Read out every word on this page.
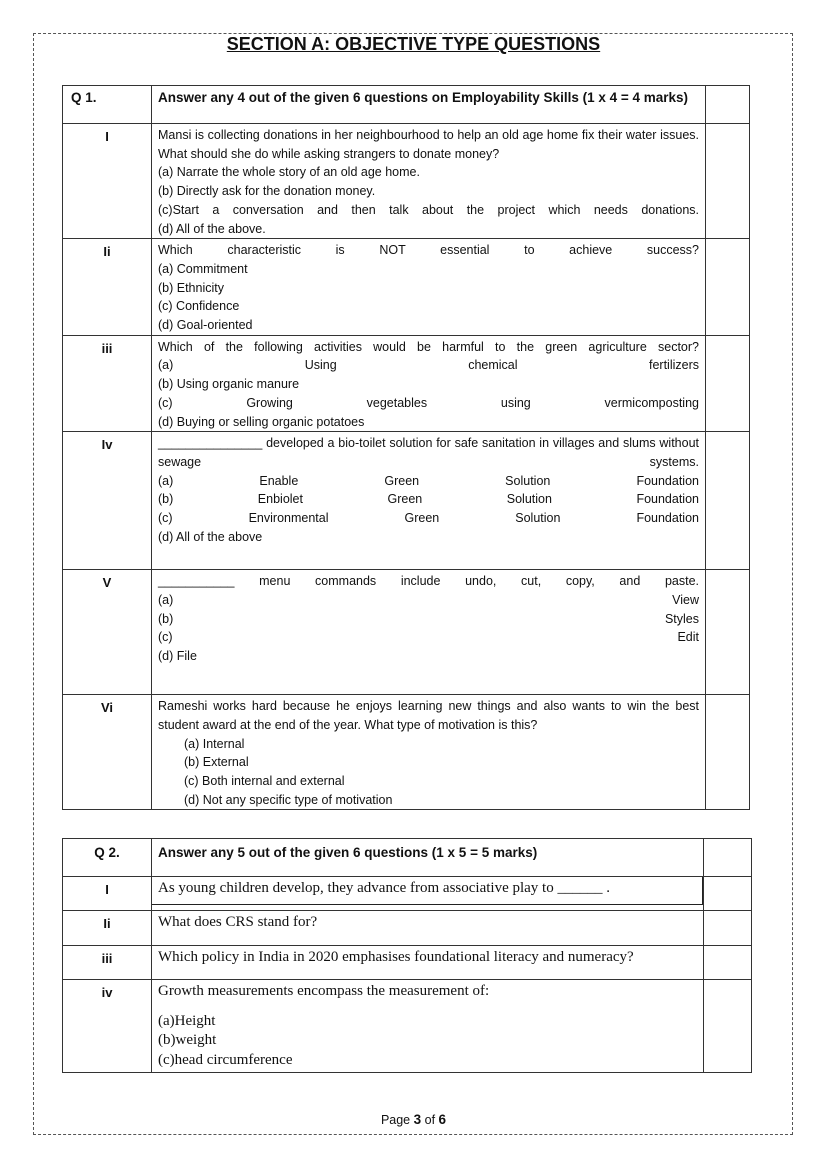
SECTION A: OBJECTIVE TYPE QUESTIONS
Q 1.	Answer any 4 out of the given 6 questions on Employability Skills (1 x 4 = 4 marks)	
I	Mansi is collecting donations in her neighbourhood to help an old age home fix their water issues. What should she do while asking strangers to donate money?
(a) Narrate the whole story of an old age home.
(b) Directly ask for the donation money.
(c)Start a conversation and then talk about the project which needs donations.
(d) All of the above.	

Ii	Which characteristic is NOT essential to achieve success?
(a) Commitment
(b) Ethnicity
(c) Confidence
(d) Goal-oriented	

iii	Which of the following activities would be harmful to the green agriculture sector?
(a) Using chemical fertilizers
(b) Using organic manure
(c) Growing vegetables using vermicomposting
(d) Buying or selling organic potatoes	

Iv	_______________ developed a bio-toilet solution for safe sanitation in villages and slums without sewage systems.
(a) Enable Green Solution Foundation
(b) Enbiolet Green Solution Foundation
(c) Environmental Green Solution Foundation
(d) All of the above	

V	___________ menu commands include undo, cut, copy, and paste.
(a) View
(b) Styles
(c) Edit
(d) File	

Vi	Rameshi works hard because he enjoys learning new things and also wants to win the best student award at the end of the year. What type of motivation is this?
(a) Internal
(b) External
(c) Both internal and external
(d) Not any specific type of motivation	

Q 2.	Answer any 5 out of the given 6 questions (1 x 5 = 5 marks)	
I	As young children develop, they advance from associative play to ______ .	

Ii	What does CRS stand for?	
iii	Which policy in India in 2020 emphasises foundational literacy and numeracy?	
iv	Growth measurements encompass the measurement of:
(a)Height
(b)weight
(c)head circumference	

Page 3 of 6
